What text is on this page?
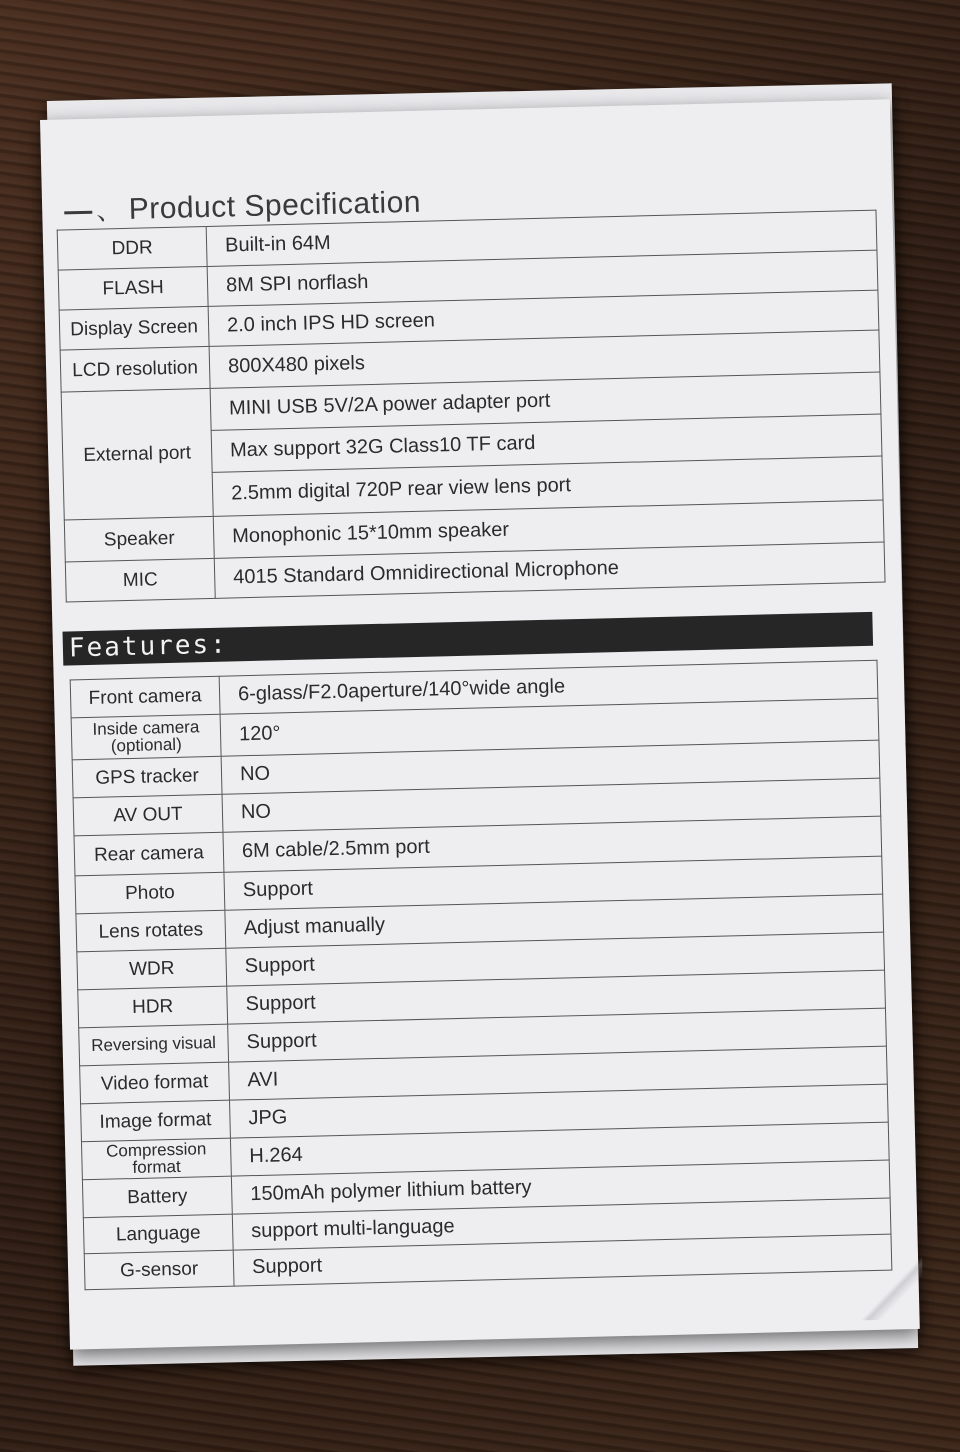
、 Product Specification
DDR	Built-in 64M
FLASH	8M SPI norflash
Display Screen	2.0 inch IPS HD screen
LCD resolution	800X480 pixels
External port	MINI USB 5V/2A power adapter port
	Max support 32G Class10 TF card
	2.5mm digital 720P rear view lens port
Speaker	Monophonic 15*10mm speaker
MIC	4015 Standard Omnidirectional Microphone
Features:
Front camera	6-glass/F2.0aperture/140°wide angle
Inside camera (optional)	120°
GPS tracker	NO
AV OUT	NO
Rear camera	6M cable/2.5mm port
Photo	Support
Lens rotates	Adjust manually
WDR	Support
HDR	Support
Reversing visual	Support
Video format	AVI
Image format	JPG
Compression format	H.264
Battery	150mAh polymer lithium battery
Language	support multi-language
G-sensor	Support
